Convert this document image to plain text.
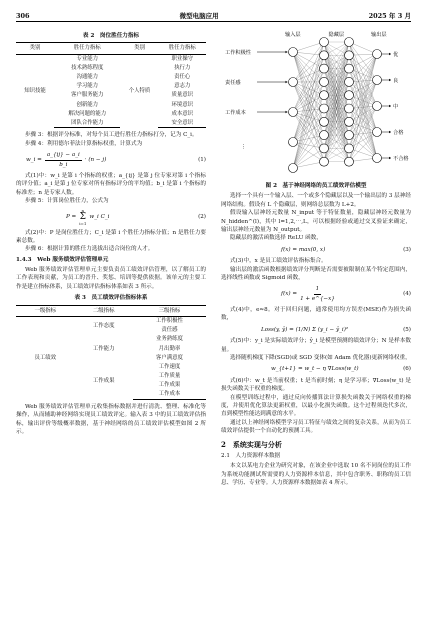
306	微型电脑应用	2025 年 3 月
表 2　岗位胜任力指标
类别	胜任力指标	类别	胜任力指标
知识技能	专业能力	个人特质	职业操守
	技术熟练程度		执行力
	沟通能力		责任心
	学习能力		意志力
	客户服务能力		质量意识
	创新能力		环境意识
	解决问题的能力		成本意识
	团队合作能力		安全意识

步骤 3：根据评分标准，对每个员工进行胜任力指标打分，记为 C_i。

步骤 4：利用德尔菲法计算指标权重，计算式为

w_i = $\frac{a\_\{ij\} - a\_i}{b\_i} \cdot (n - j)$	(1)

式(1)中：w_i 是第 i 个指标的权重；a_{ij} 是第 j 位专家对第 i 个指标的评分值；a_i 是第 j 位专家对所有指标评分的平均值；b_i 是第 i 个指标的标准差；n 是专家人数。

步骤 5：计算岗位胜任力，公式为

P =
n
Σ
i=1
w_i C_i	(2)

式(2)中：P 是岗位胜任力；C_i 是第 i 个胜任力指标分值；n 是胜任力要素总数。

步骤 6：根据计算的胜任力选拔出适合岗位的人才。

1.4.3　Web 服务绩效评估管理单元

Web 服务绩效评估管理单元主要负责员工绩效评估管理，以了解员工的工作表现和贡献，为员工的晋升、奖惩、培训等提供依据。该单元的主要工作是建立指标体系，员工绩效评估指标体系如表 3 所示。

表 3　员工绩效评估指标体系
一级指标	二级指标	三级指标
员工绩效	工作态度	工作积极性
		责任感
	工作能力	业务熟练度
		月出勤率
		客户满意度
	工作成果	工作速度
		工作质量
		工作成果
		工作成本

Web 服务绩效评估管理单元收集指标数据并进行清洗、整理、标准化等操作，从而辅助神经网络实现员工绩效评定。输入表 3 中的员工绩效评估指标，输出评价等级概率数据，基于神经网络的员工绩效评估模型如图 2 所示。

工作积极性
责任感
工作成本
⋮
优
良
中
合格
不合格
输入层	隐藏层	输出层
图 2　基于神经网络的员工绩效评估模型

选择一个具有一个输入层、一个或多个隐藏层以及一个输出层的 3 层神经网络结构。假设有 L 个隐藏层，则网络总层数为 L+2。

假设输入层神经元数量 N_input 等于特征数量，隐藏层神经元数量为 N_hidden^(l)，其中 l=1,2,⋯,L，可以根据经验或通过交叉验证来确定，输出层神经元数量为 N_output。

隐藏层的激活函数选择 ReLU 函数，

f(x) = max(0, x)	(3)

式(3)中，x 是员工绩效评估指标集合。

输出层的激活函数根据绩效评分判断是否需要被限制在某个特定范围内，选择线性函数或 Sigmoid 函数，

$f(x) = \frac{1}{1 + e\^{}\{-x\}}$	(4)

式(4)中，e≈8。对于回归问题，通常使用均方误差(MSE)作为损失函数，

Loss(y, ŷ) = (1/N) Σ (y_i − ŷ_i)²	(5)

式(5)中：y_i 是实际绩效评分；ŷ_i 是模型预测的绩效评分；N 是样本数量。

选择随机梯度下降(SGD)或 SGD 变体(如 Adam 优化器)更新网络权重，

w_{t+1} = w_t − η ∇Loss(w_t)	(6)

式(6)中：w_t 是当前权重；t 是当前时刻；η 是学习率；∇Loss(w_t) 是损失函数关于权重的梯度。

在模型训练过程中，通过反向传播算法计算损失函数关于网络权重的梯度，并使用优化算法更新权重，以最小化损失函数。这个过程须迭代多次，直到模型性能达到满意的水平。

通过以上神经网络模型学习员工特征与绩效之间的复杂关系，从而为员工绩效评估提供一个自动化的预测工具。

2　系统实现与分析
2.1　人力资源样本数据

本文以某电力企业为研究对象，在该企业中选取 10 名不同岗位的员工作为系统功能测试所需要的人力资源样本信息，其中包含职务、职称的员工信息、学历、专业等。人力资源样本数据如表 4 所示。
